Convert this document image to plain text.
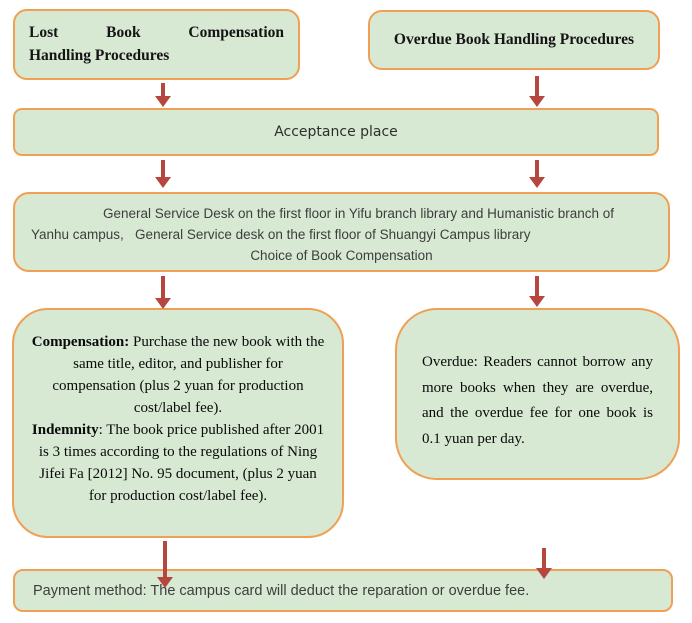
Lost Book Compensation
Handling Procedures
Overdue Book Handling Procedures
Acceptance place
General Service Desk on the first floor in Yifu branch library and Humanistic branch of
Yanhu campus,   General Service desk on the first floor of Shuangyi Campus library
Choice of Book Compensation
Compensation: Purchase the new book with the same title, editor, and publisher for compensation (plus 2 yuan for production cost/label fee).
Indemnity: The book price published after 2001 is 3 times according to the regulations of Ning Jifei Fa [2012] No. 95 document, (plus 2 yuan for production cost/label fee).
Overdue: Readers cannot borrow any more books when they are overdue, and the overdue fee for one book is 0.1 yuan per day.
Payment method: The campus card will deduct the reparation or overdue fee.
